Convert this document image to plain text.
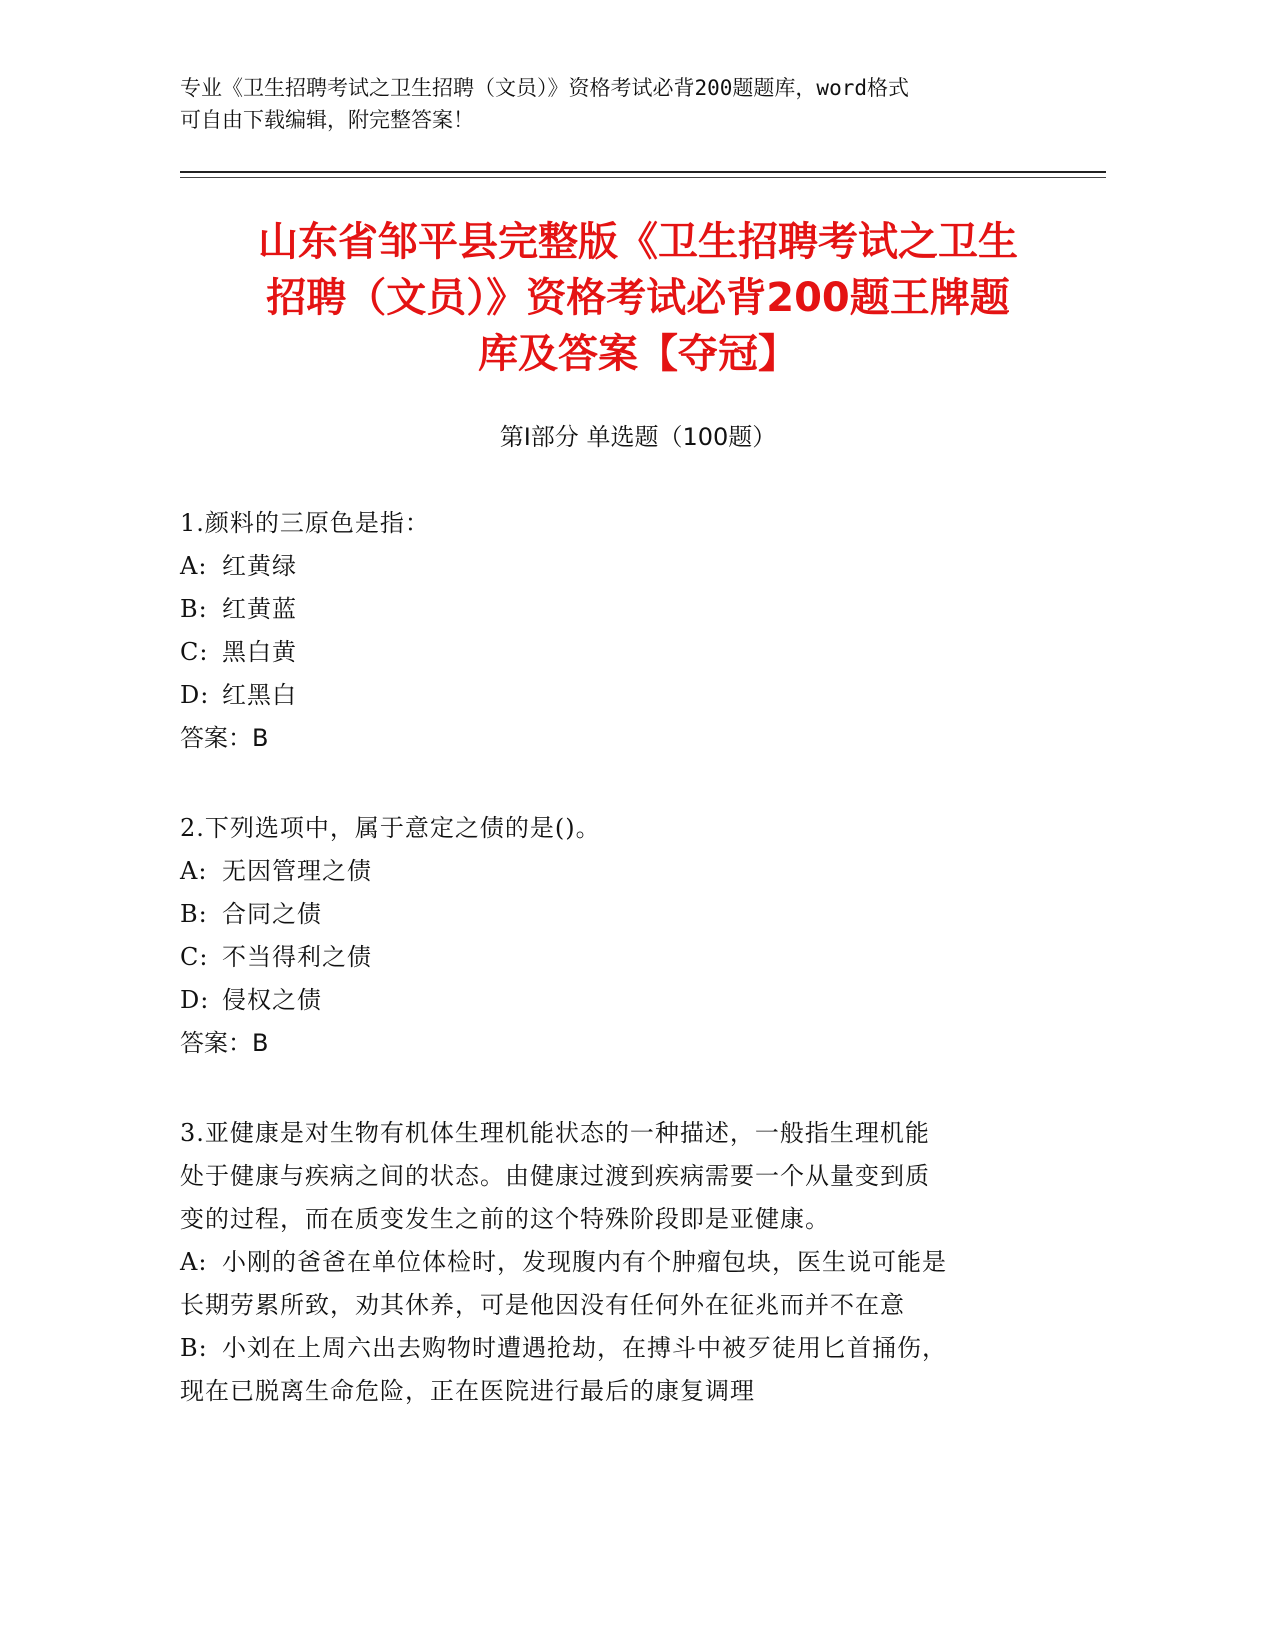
专业《卫生招聘考试之卫生招聘（文员）》资格考试必背200题题库，word格式
可自由下载编辑，附完整答案！
山东省邹平县完整版《卫生招聘考试之卫生
招聘（文员）》资格考试必背200题王牌题
库及答案【夺冠】
第Ⅰ部分 单选题（100题）
1.颜料的三原色是指：
A: 红黄绿
B: 红黄蓝
C: 黑白黄
D: 红黑白
答案：B
2.下列选项中，属于意定之债的是()。
A: 无因管理之债
B: 合同之债
C: 不当得利之债
D: 侵权之债
答案：B
3.亚健康是对生物有机体生理机能状态的一种描述，一般指生理机能
处于健康与疾病之间的状态。由健康过渡到疾病需要一个从量变到质
变的过程，而在质变发生之前的这个特殊阶段即是亚健康。
A: 小刚的爸爸在单位体检时，发现腹内有个肿瘤包块，医生说可能是
长期劳累所致，劝其休养，可是他因没有任何外在征兆而并不在意
B: 小刘在上周六出去购物时遭遇抢劫，在搏斗中被歹徒用匕首捅伤，
现在已脱离生命危险，正在医院进行最后的康复调理
